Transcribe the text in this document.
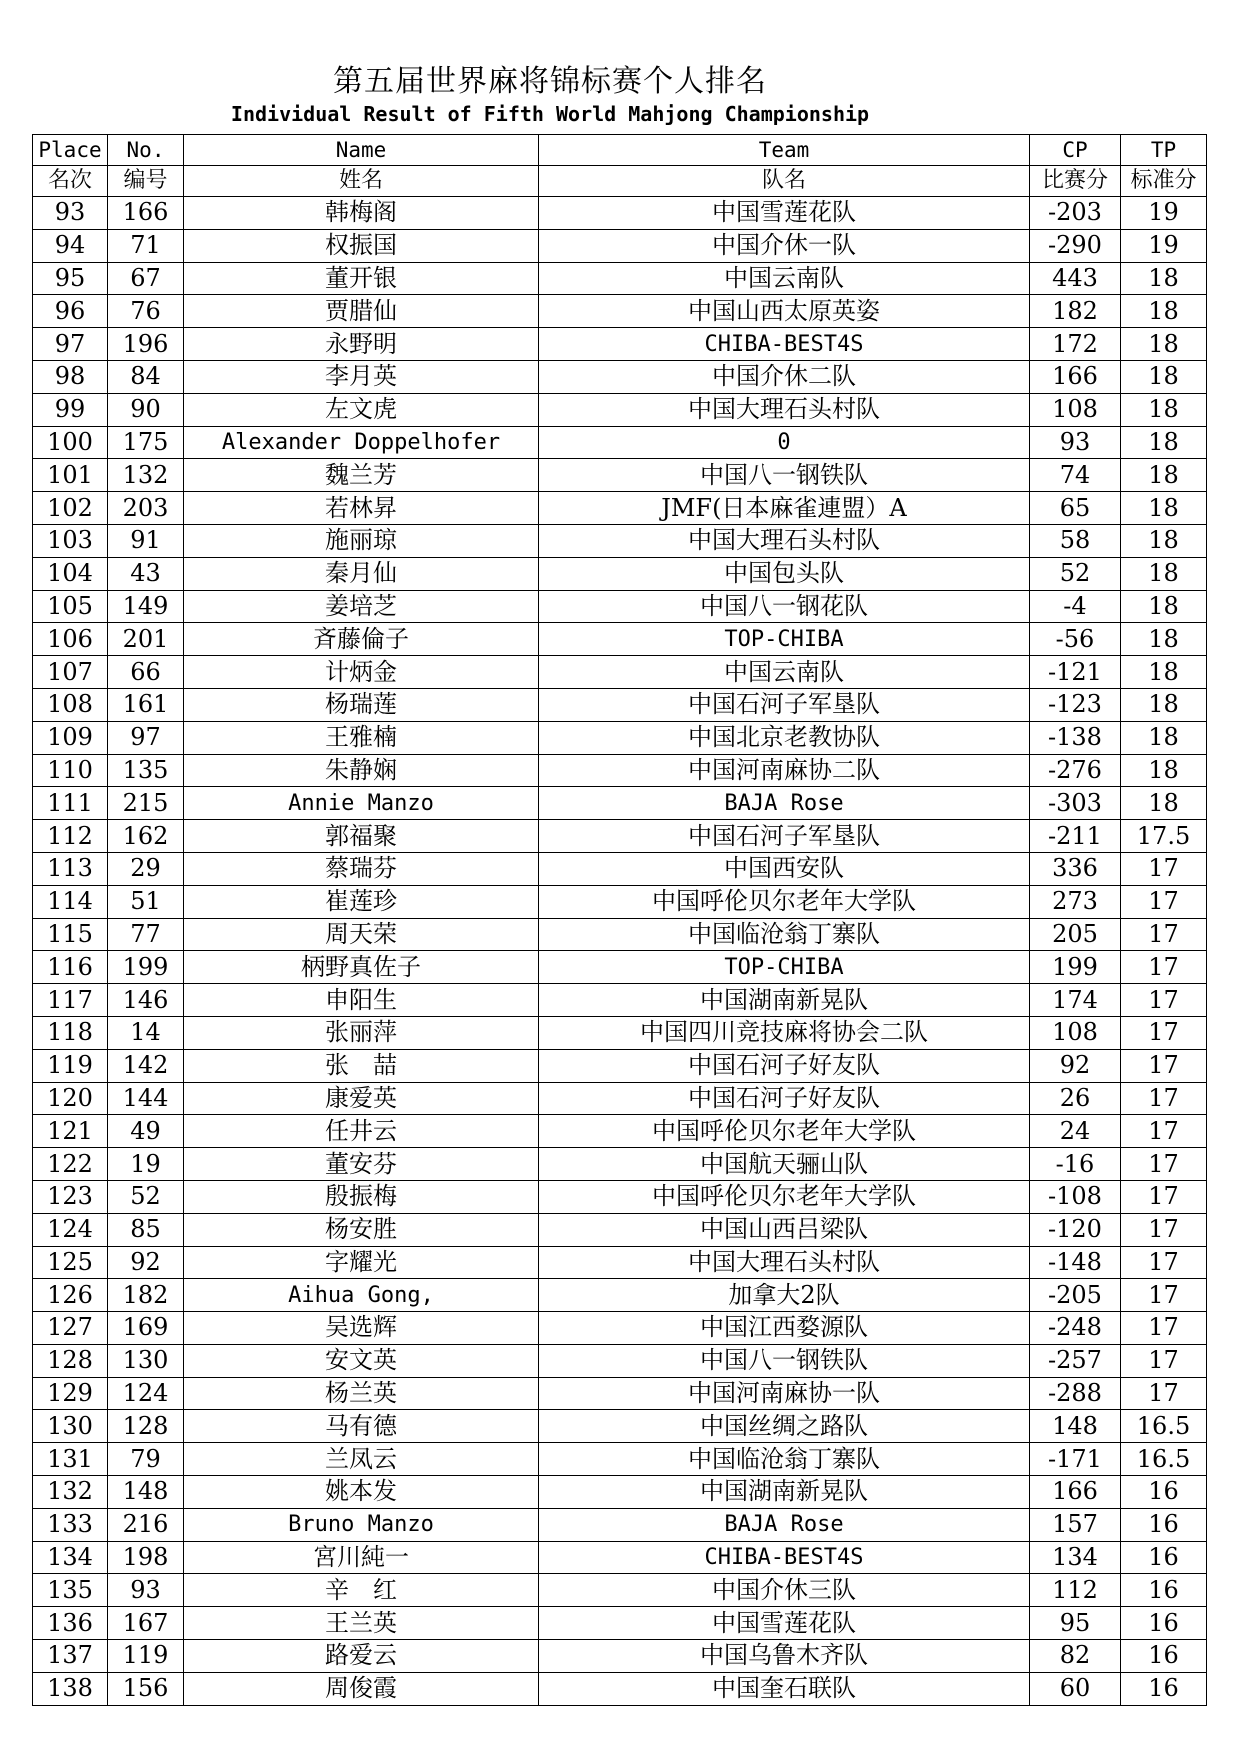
第五届世界麻将锦标赛个人排名
Individual Result of Fifth World Mahjong Championship
Place	No.	Name	Team	CP	TP
名次	编号	姓名	队名	比赛分	标准分
93	166	韩梅阁	中国雪莲花队	-203	19
94	71	权振国	中国介休一队	-290	19
95	67	董开银	中国云南队	443	18
96	76	贾腊仙	中国山西太原英姿	182	18
97	196	永野明	CHIBA-BEST4S	172	18
98	84	李月英	中国介休二队	166	18
99	90	左文虎	中国大理石头村队	108	18
100	175	Alexander Doppelhofer	0	93	18
101	132	魏兰芳	中国八一钢铁队	74	18
102	203	若林昇	JMF(日本麻雀連盟）A	65	18
103	91	施丽琼	中国大理石头村队	58	18
104	43	秦月仙	中国包头队	52	18
105	149	姜培芝	中国八一钢花队	-4	18
106	201	斉藤倫子	TOP-CHIBA	-56	18
107	66	计炳金	中国云南队	-121	18
108	161	杨瑞莲	中国石河子军垦队	-123	18
109	97	王雅楠	中国北京老教协队	-138	18
110	135	朱静娴	中国河南麻协二队	-276	18
111	215	Annie Manzo	BAJA Rose	-303	18
112	162	郭福聚	中国石河子军垦队	-211	17.5
113	29	蔡瑞芬	中国西安队	336	17
114	51	崔莲珍	中国呼伦贝尔老年大学队	273	17
115	77	周天荣	中国临沧翁丁寨队	205	17
116	199	柄野真佐子	TOP-CHIBA	199	17
117	146	申阳生	中国湖南新晃队	174	17
118	14	张丽萍	中国四川竞技麻将协会二队	108	17
119	142	张　喆	中国石河子好友队	92	17
120	144	康爱英	中国石河子好友队	26	17
121	49	任井云	中国呼伦贝尔老年大学队	24	17
122	19	董安芬	中国航天骊山队	-16	17
123	52	殷振梅	中国呼伦贝尔老年大学队	-108	17
124	85	杨安胜	中国山西吕梁队	-120	17
125	92	字耀光	中国大理石头村队	-148	17
126	182	Aihua Gong,	加拿大2队	-205	17
127	169	吴选辉	中国江西婺源队	-248	17
128	130	安文英	中国八一钢铁队	-257	17
129	124	杨兰英	中国河南麻协一队	-288	17
130	128	马有德	中国丝绸之路队	148	16.5
131	79	兰凤云	中国临沧翁丁寨队	-171	16.5
132	148	姚本发	中国湖南新晃队	166	16
133	216	Bruno Manzo	BAJA Rose	157	16
134	198	宮川純一	CHIBA-BEST4S	134	16
135	93	辛　红	中国介休三队	112	16
136	167	王兰英	中国雪莲花队	95	16
137	119	路爱云	中国乌鲁木齐队	82	16
138	156	周俊霞	中国奎石联队	60	16
